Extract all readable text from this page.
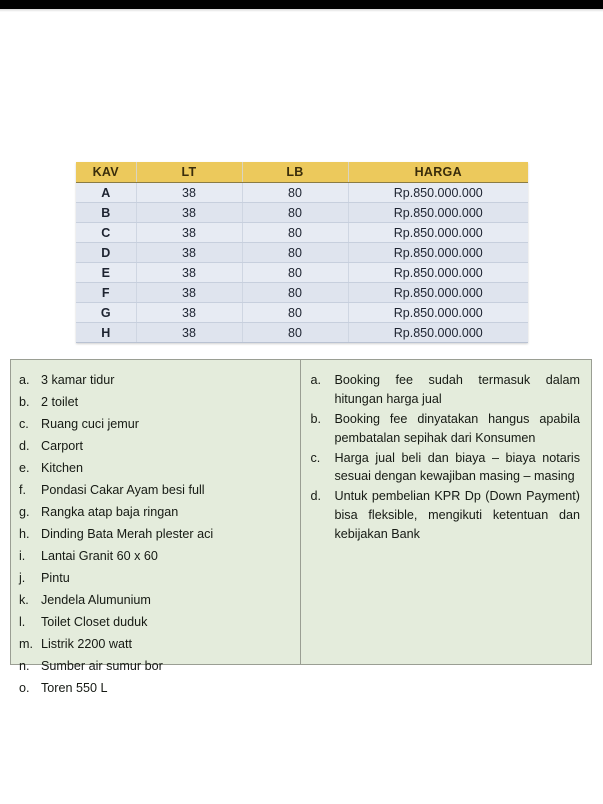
KAV	LT	LB	HARGA
A	38	80	Rp.850.000.000
B	38	80	Rp.850.000.000
C	38	80	Rp.850.000.000
D	38	80	Rp.850.000.000
E	38	80	Rp.850.000.000
F	38	80	Rp.850.000.000
G	38	80	Rp.850.000.000
H	38	80	Rp.850.000.000
a. 3 kamar tidur
b. 2 toilet
c. Ruang cuci jemur
d. Carport
e. Kitchen
f.	Pondasi Cakar Ayam besi full
g. Rangka atap baja ringan
h. Dinding Bata Merah plester aci
i.	Lantai Granit 60 x 60
j.	Pintu
k. Jendela Alumunium
l.	Toilet Closet duduk
m. Listrik 2200 watt
n. Sumber air sumur bor
o. Toren 550 L
a.	Booking fee sudah termasuk dalam hitungan harga jual
b.	Booking fee dinyatakan hangus apabila pembatalan sepihak dari Konsumen
c.	Harga jual beli dan biaya – biaya notaris sesuai dengan kewajiban masing – masing
d.	Untuk pembelian KPR Dp (Down Payment) bisa fleksible, mengikuti ketentuan dan kebijakan Bank
